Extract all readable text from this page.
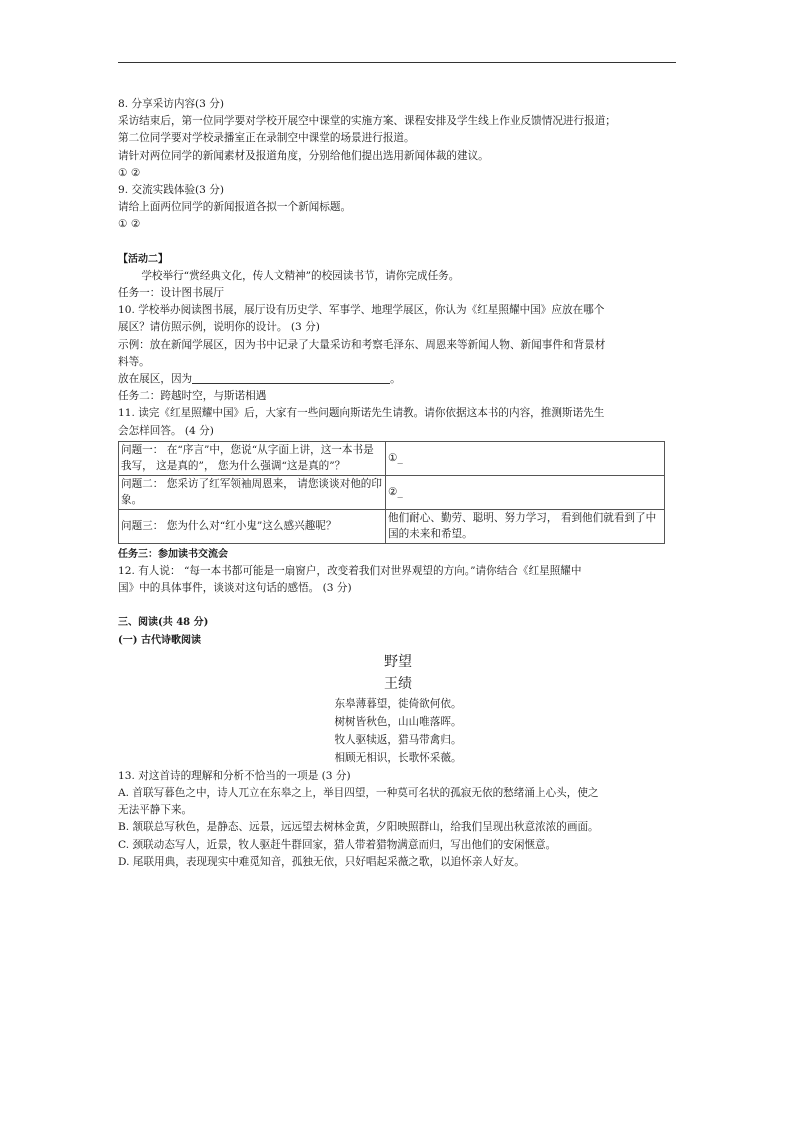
8. 分享采访内容(3 分)

采访结束后，第一位同学要对学校开展空中课堂的实施方案、课程安排及学生线上作业反馈情况进行报道；

第二位同学要对学校录播室正在录制空中课堂的场景进行报道。

请针对两位同学的新闻素材及报道角度，分别给他们提出选用新闻体裁的建议。

① ②

9. 交流实践体验(3 分)

请给上面两位同学的新闻报道各拟一个新闻标题。

① ②

【活动二】

学校举行“赏经典文化，传人文精神”的校园读书节，请你完成任务。

任务一：设计图书展厅

10. 学校举办阅读图书展，展厅设有历史学、军事学、地理学展区，你认为《红星照耀中国》应放在哪个

展区？请仿照示例，说明你的设计。 (3 分)

示例：放在新闻学展区，因为书中记录了大量采访和考察毛泽东、周恩来等新闻人物、新闻事件和背景材

料等。

放在展区，因为	。

任务二：跨越时空，与斯诺相遇

11. 读完《红星照耀中国》后，大家有一些问题向斯诺先生请教。请你依据这本书的内容，推测斯诺先生

会怎样回答。 (4 分)

问题一： 在“序言”中，您说“从字面上讲，这一本书是我写， 这是真的”， 您为什么强调“这是真的”？	①_
问题二： 您采访了红军领袖周恩来， 请您谈谈对他的印象。	②_
问题三： 您为什么对“红小鬼”这么感兴趣呢？	他们耐心、勤劳、聪明、努力学习， 看到他们就看到了中国的未来和希望。

任务三：参加读书交流会

12. 有人说： “每一本书都可能是一扇窗户，改变着我们对世界观望的方向。”请你结合《红星照耀中

国》中的具体事件，谈谈对这句话的感悟。 (3 分)

三、阅读(共 48 分)

(一) 古代诗歌阅读

野望
王绩
东皋薄暮望，徙倚欲何依。
树树皆秋色，山山唯落晖。
牧人驱犊返，猎马带禽归。
相顾无相识，长歌怀采薇。

13. 对这首诗的理解和分析不恰当的一项是 (3 分)

A. 首联写暮色之中，诗人兀立在东皋之上，举目四望，一种莫可名状的孤寂无依的愁绪涌上心头，使之

无法平静下来。

B. 颔联总写秋色，是静态、远景，远远望去树林金黄，夕阳映照群山，给我们呈现出秋意浓浓的画面。

C. 颈联动态写人，近景，牧人驱赶牛群回家，猎人带着猎物满意而归，写出他们的安闲惬意。

D. 尾联用典，表现现实中难觅知音，孤独无依，只好唱起采薇之歌，以追怀亲人好友。
